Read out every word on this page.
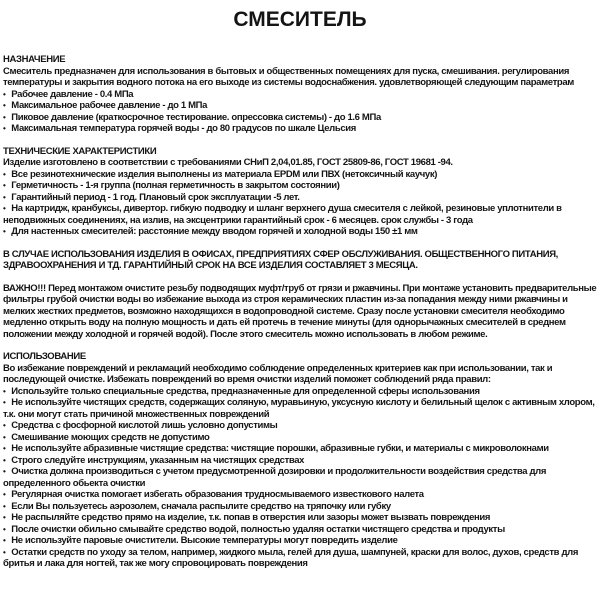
СМЕСИТЕЛЬ
НАЗНАЧЕНИЕ

Смеситель предназначен для использования в бытовых и общественных помещениях для пуска, смешивания. регулирования температуры и закрытия водного потока на его выходе из системы водоснабжения. удовлетворяющей следующим параметрам

• Рабочее давление - 0.4 МПа

• Максимальное рабочее давление - до 1 МПа

• Пиковое давление (краткосрочное тестирование. опрессовка системы) - до 1.6 МПа

• Максимальная температура горячей воды - до 80 градусов по шкале Цельсия

ТЕХНИЧЕСКИЕ ХАРАКТЕРИСТИКИ

Изделие изготовлено в соответствии с требованиями СНиП 2,04,01.85, ГОСТ 25809-86, ГОСТ 19681 -94.

• Все резинотехнические изделия выполнены из материала EPDM или ПВХ (нетоксичный каучук)

• Герметичность - 1-я группа (полная герметичность в закрытом состоянии)

• Гарантийный период - 1 год. Плановый срок эксплуатации -5 лет.

• На картридж, кранбуксы, дивертор. гибкую подводку и шланг верхнего душа смесителя с лейкой, резиновые уплотнители в неподвижных соединениях, на излив, на эксцентрики гарантийный срок - 6 месяцев. срок службы - 3 года

• Для настенных смесителей: расстояние между вводом горячей и холодной воды 150 ±1 мм

В СЛУЧАЕ ИСПОЛЬЗОВАНИЯ ИЗДЕЛИЯ В ОФИСАХ, ПРЕДПРИЯТИЯХ СФЕР ОБСЛУЖИВАНИЯ. ОБЩЕСТВЕННОГО ПИТАНИЯ, ЗДРАВООХРАНЕНИЯ И ТД. ГАРАНТИЙНЫЙ СРОК НА ВСЕ ИЗДЕЛИЯ СОСТАВЛЯЕТ 3 МЕСЯЦА.

ВАЖНО!!! Перед монтажом очистите резьбу подводящих муфт/труб от грязи и ржавчины. При монтаже установить предварительные фильтры грубой очистки воды во избежание выхода из строя керамических пластин из-за попадания между ними ржавчины и мелких жестких предметов, возможно находящихся в водопроводной системе. Сразу после установки смесителя необходимо медленно открыть воду на полную мощность и дать ей протечь в течение минуты (для однорычажных смесителей в среднем положении между холодной и горячей водой). После этого смеситель можно использовать в любом режиме.

ИСПОЛЬЗОВАНИЕ

Во избежание повреждений и рекламаций необходимо соблюдение определенных критериев как при использовании, так и последующей очистке. Избежать повреждений во время очистки изделий поможет соблюдений ряда правил:

• Используйте только специальные средства, предназначенные для определенной сферы использования

• Не используйте чистящих средств, содержащих соляную, муравьиную, уксусную кислоту и белильный щелок с активным хлором, т.к. они могут стать причиной множественных повреждений

• Средства с фосфорной кислотой лишь условно допустимы

• Смешивание моющих средств не допустимо

• Не используйте абразивные чистящие средства: чистящие порошки, абразивные губки, и материалы с микроволокнами

• Строго следуйте инструкциям, указанным на чистящих средствах

• Очистка должна производиться с учетом предусмотренной дозировки и продолжительности воздействия средства для определенного обьекта очистки

• Регулярная очистка помогает избегать образования трудносмываемого известкового налета

• Если Вы пользуетесь аэрозолем, сначала распылите средство на тряпочку или губку

• Не распыляйте средство прямо на изделие, т.к. попав в отверстия или зазоры может вызвать повреждения

• После очистки обильно смывайте средство водой, полностью удаляя остатки чистящего средства и продукты

• Не используйте паровые очистители. Высокие температуры могут повредить изделие

• Остатки средств по уходу за телом, например, жидкого мыла, гелей для душа, шампуней, краски для волос, духов, средств для бритья и лака для ногтей, так же могу спровоцировать повреждения
